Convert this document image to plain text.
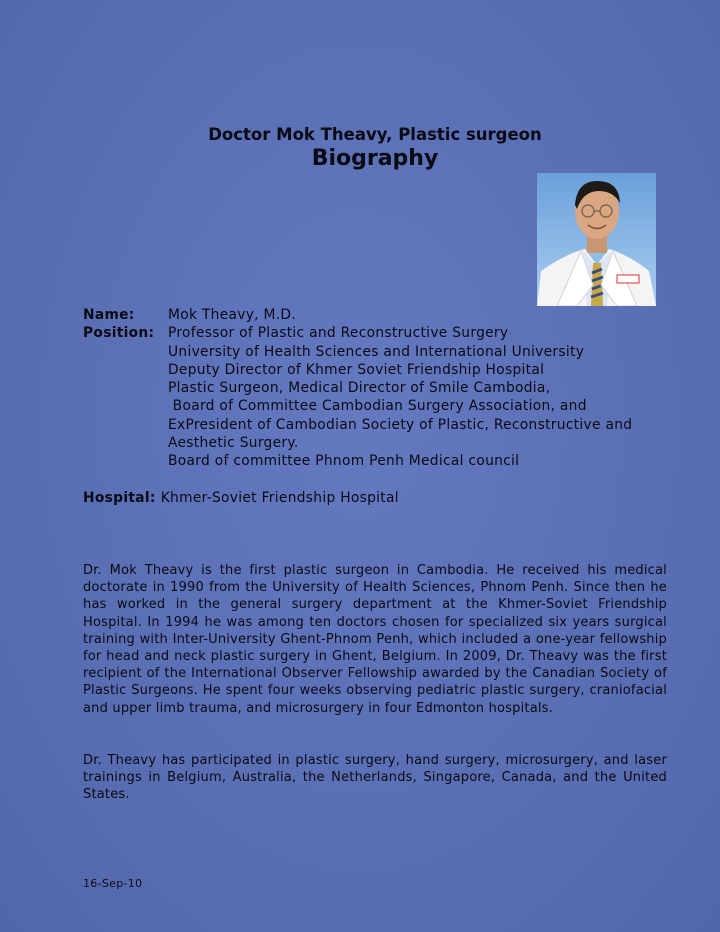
Doctor Mok Theavy, Plastic surgeon
Biography
Name:	Mok Theavy, M.D.
Position: Professor of Plastic and Reconstructive Surgery
University of Health Sciences and International University
Deputy Director of Khmer Soviet Friendship Hospital
Plastic Surgeon, Medical Director of Smile Cambodia,
Board of Committee Cambodian Surgery Association, and
ExPresident of Cambodian Society of Plastic, Reconstructive and
Aesthetic Surgery.
Board of committee Phnom Penh Medical council
Hospital: Khmer-Soviet Friendship Hospital

Dr. Mok Theavy is the first plastic surgeon in Cambodia. He received his medical doctorate in 1990 from the University of Health Sciences, Phnom Penh. Since then he has worked in the general surgery department at the Khmer-Soviet Friendship Hospital. In 1994 he was among ten doctors chosen for specialized six years surgical training with Inter-University Ghent-Phnom Penh, which included a one-year fellowship for head and neck plastic surgery in Ghent, Belgium. In 2009, Dr. Theavy was the first recipient of the International Observer Fellowship awarded by the Canadian Society of Plastic Surgeons. He spent four weeks observing pediatric plastic surgery, craniofacial and upper limb trauma, and microsurgery in four Edmonton hospitals.

Dr. Theavy has participated in plastic surgery, hand surgery, microsurgery, and laser trainings in Belgium, Australia, the Netherlands, Singapore, Canada, and the United States.

16-Sep-10
